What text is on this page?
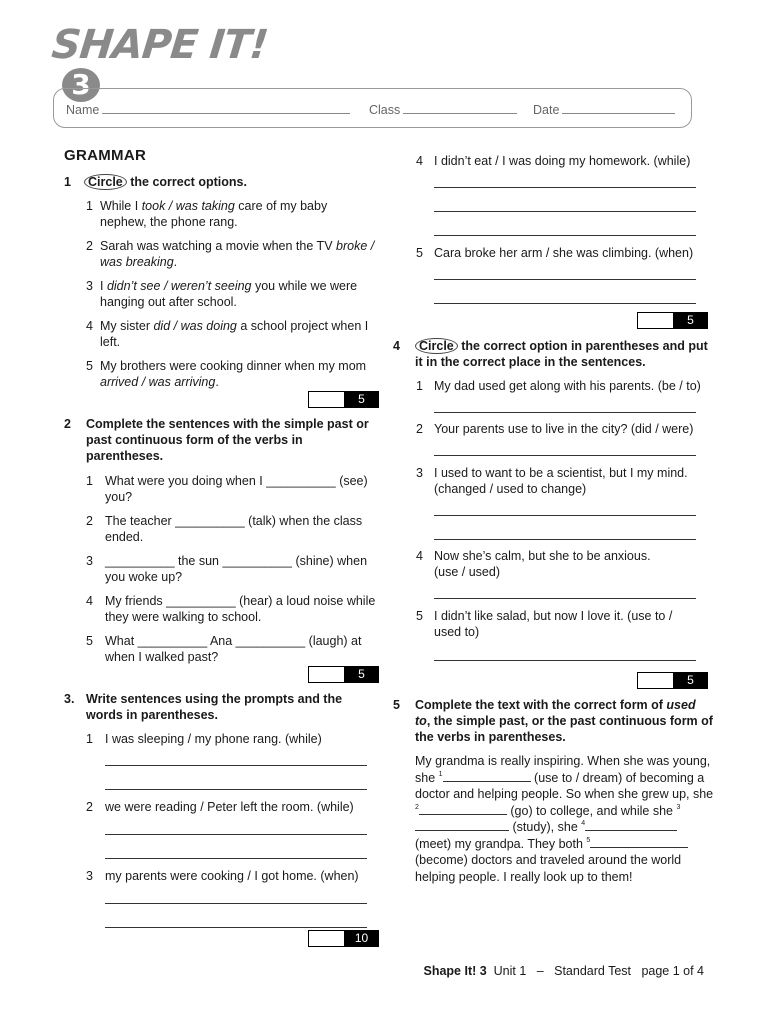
SHAPE IT! 3
Name	Class	Date
GRAMMAR
1	Circle the correct options.
1 While I took / was taking care of my baby nephew, the phone rang.
2 Sarah was watching a movie when the TV broke / was breaking.
3 I didn’t see / weren’t seeing you while we were hanging out after school.
4 My sister did / was doing a school project when I left.
5 My brothers were cooking dinner when my mom arrived / was arriving.
5
2 Complete the sentences with the simple past or past continuous form of the verbs in parentheses.
1 What were you doing when I __________ (see) you?
2 The teacher __________ (talk) when the class ended.
3 __________ the sun __________ (shine) when you woke up?
4 My friends __________ (hear) a loud noise while they were walking to school.
5 What __________ Ana __________ (laugh) at when I walked past?
5
3. Write sentences using the prompts and the words in parentheses.
1 I was sleeping / my phone rang. (while)
2 we were reading / Peter left the room. (while)
3 my parents were cooking / I got home. (when)
10
4 I didn’t eat / I was doing my homework. (while)
5 Cara broke her arm / she was climbing. (when)
5
4	Circle the correct option in parentheses and put it in the correct place in the sentences.
1 My dad used get along with his parents. (be / to)
2 Your parents use to live in the city? (did / were)
3 I used to want to be a scientist, but I my mind. (changed / used to change)
4 Now she’s calm, but she to be anxious. (use / used)
5 I didn’t like salad, but now I love it. (use to / used to)
5
5 Complete the text with the correct form of used to, the simple past, or the past continuous form of the verbs in parentheses.
My grandma is really inspiring. When she was young, she $^1$	(use to / dream) of becoming a doctor and helping people. So when she grew up, she $^2$	(go) to college, and while she $^3$ (study), she $^4$ (meet) my grandpa. They both $^5$ (become) doctors and traveled around the world helping people. I really look up to them!
Shape It! 3 Unit 1 – Standard Test page 1 of 4
